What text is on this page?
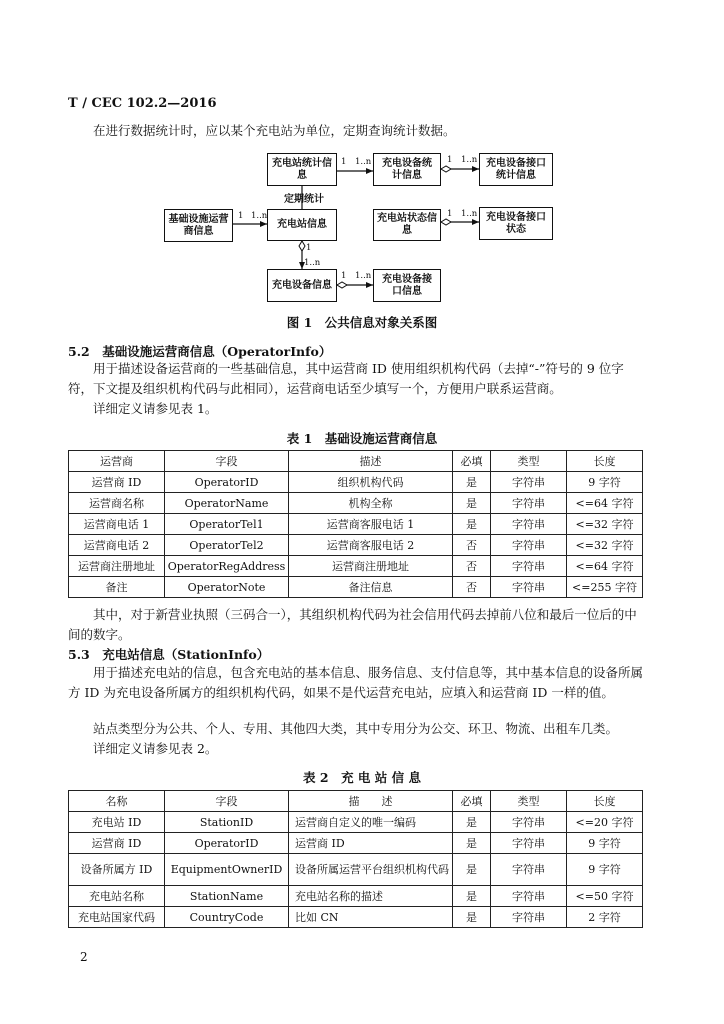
T / CEC 102.2—2016
在进行数据统计时，应以某个充电站为单位，定期查询统计数据。
充电站统计信息
充电设备统计信息
充电设备接口统计信息
基础设施运营商信息
充电站信息
充电站状态信息
充电设备接口状态
充电设备信息
充电设备接口信息
1 1..n	1 1..n
1 1..n	1 1..n
1
1..n
1 1..n
定期统计
图 1　公共信息对象关系图
5.2　基础设施运营商信息（OperatorInfo）
用于描述设备运营商的一些基础信息，其中运营商 ID 使用组织机构代码（去掉“-”符号的 9 位字符，下文提及组织机构代码与此相同），运营商电话至少填写一个，方便用户联系运营商。
详细定义请参见表 1。
表 1　基础设施运营商信息
运营商	字段	描述	必填	类型	长度
运营商 ID	OperatorID	组织机构代码	是	字符串	9 字符
运营商名称	OperatorName	机构全称	是	字符串	<=64 字符
运营商电话 1	OperatorTel1	运营商客服电话 1	是	字符串	<=32 字符
运营商电话 2	OperatorTel2	运营商客服电话 2	否	字符串	<=32 字符
运营商注册地址	OperatorRegAddress	运营商注册地址	否	字符串	<=64 字符
备注	OperatorNote	备注信息	否	字符串	<=255 字符
其中，对于新营业执照（三码合一），其组织机构代码为社会信用代码去掉前八位和最后一位后的中间的数字。
5.3　充电站信息（StationInfo）
用于描述充电站的信息，包含充电站的基本信息、服务信息、支付信息等，其中基本信息的设备所属方 ID 为充电设备所属方的组织机构代码，如果不是代运营充电站，应填入和运营商 ID 一样的值。
站点类型分为公共、个人、专用、其他四大类，其中专用分为公交、环卫、物流、出租车几类。
详细定义请参见表 2。
表 2　充 电 站 信 息
名称	字段	描　　述	必填	类型	长度
充电站 ID	StationID	运营商自定义的唯一编码	是	字符串	<=20 字符
运营商 ID	OperatorID	运营商 ID	是	字符串	9 字符
设备所属方 ID	EquipmentOwnerID	设备所属运营平台组织机构代码	是	字符串	9 字符
充电站名称	StationName	充电站名称的描述	是	字符串	<=50 字符
充电站国家代码	CountryCode	比如 CN	是	字符串	2 字符
2
